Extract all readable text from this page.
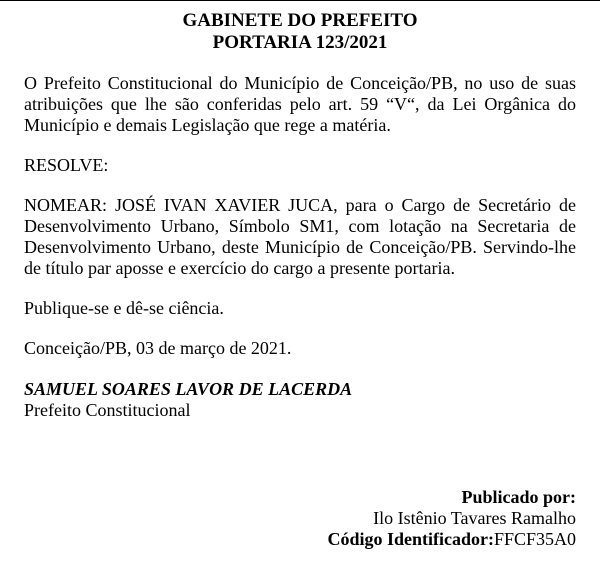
GABINETE DO PREFEITO
PORTARIA 123/2021
O Prefeito Constitucional do Município de Conceição/PB, no uso de suas atribuições que lhe são conferidas pelo art. 59 “V“, da Lei Orgânica do Município e demais Legislação que rege a matéria.
RESOLVE:
NOMEAR: JOSÉ IVAN XAVIER JUCA, para o Cargo de Secretário de Desenvolvimento Urbano, Símbolo SM1, com lotação na Secretaria de Desenvolvimento Urbano, deste Município de Conceição/PB. Servindo-lhe de título par aposse e exercício do cargo a presente portaria.
Publique-se e dê-se ciência.
Conceição/PB, 03 de março de 2021.
SAMUEL SOARES LAVOR DE LACERDA
Prefeito Constitucional
Publicado por:
Ilo Istênio Tavares Ramalho
Código Identificador:FFCF35A0
